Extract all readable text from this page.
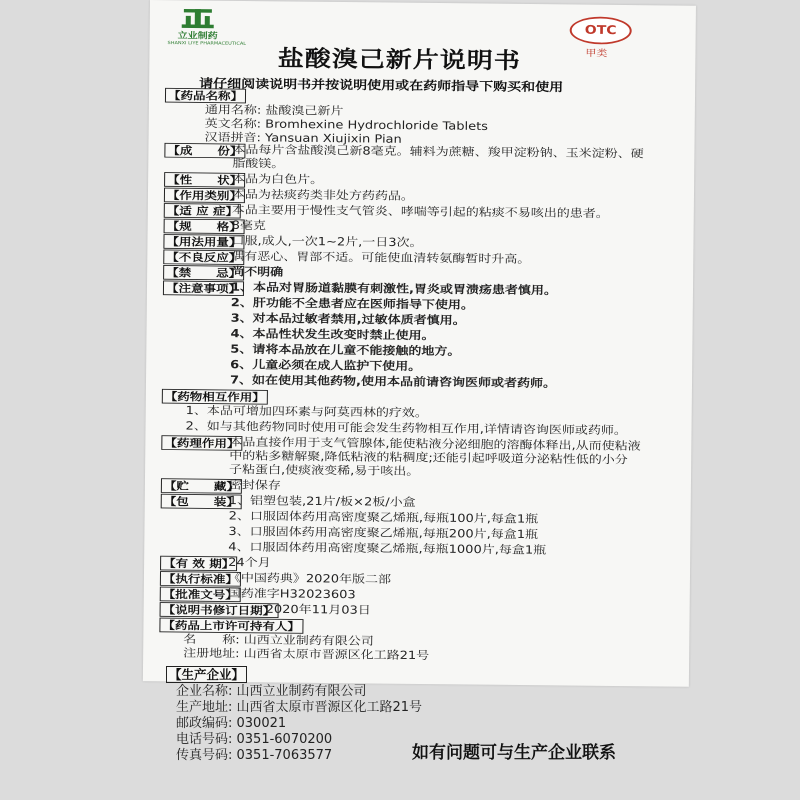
立业制药
SHANXI LIYE PHARMACEUTICAL
OTC
甲类
盐酸溴己新片说明书
请仔细阅读说明书并按说明使用或在药师指导下购买和使用
【药品名称】
通用名称: 盐酸溴己新片
英文名称: Bromhexine Hydrochloride Tablets
汉语拼音: Yansuan Xiujixin Pian
【成　　份】
本品每片含盐酸溴己新8毫克。辅料为蔗糖、羧甲淀粉钠、玉米淀粉、硬
脂酸镁。
【性　　状】
本品为白色片。
【作用类别】
本品为祛痰药类非处方药药品。
【适 应 症】
本品主要用于慢性支气管炎、哮喘等引起的粘痰不易咳出的患者。
【规　　格】
8毫克
【用法用量】
口服,成人,一次1~2片,一日3次。
【不良反应】
偶有恶心、胃部不适。可能使血清转氨酶暂时升高。
【禁　　忌】
尚不明确
【注意事项】
1、本品对胃肠道黏膜有刺激性,胃炎或胃溃疡患者慎用。
2、肝功能不全患者应在医师指导下使用。
3、对本品过敏者禁用,过敏体质者慎用。
4、本品性状发生改变时禁止使用。
5、请将本品放在儿童不能接触的地方。
6、儿童必须在成人监护下使用。
7、如在使用其他药物,使用本品前请咨询医师或者药师。
【药物相互作用】
1、本品可增加四环素与阿莫西林的疗效。
2、如与其他药物同时使用可能会发生药物相互作用,详情请咨询医师或药师。
【药理作用】
本品直接作用于支气管腺体,能使粘液分泌细胞的溶酶体释出,从而使粘液
中的粘多糖解聚,降低粘液的粘稠度;还能引起呼吸道分泌粘性低的小分
子粘蛋白,使痰液变稀,易于咳出。
【贮　　藏】
密封保存
【包　　装】
1、铝塑包装,21片/板×2板/小盒
2、口服固体药用高密度聚乙烯瓶,每瓶100片,每盒1瓶
3、口服固体药用高密度聚乙烯瓶,每瓶200片,每盒1瓶
4、口服固体药用高密度聚乙烯瓶,每瓶1000片,每盒1瓶
【有 效 期】
24个月
【执行标准】
《中国药典》2020年版二部
【批准文号】
国药准字H32023603
【说明书修订日期】
2020年11月03日
【药品上市许可持有人】
名　　称: 山西立业制药有限公司
注册地址: 山西省太原市晋源区化工路21号
【生产企业】
企业名称: 山西立业制药有限公司
生产地址: 山西省太原市晋源区化工路21号
邮政编码: 030021
电话号码: 0351-6070200
传真号码: 0351-7063577	如有问题可与生产企业联系
